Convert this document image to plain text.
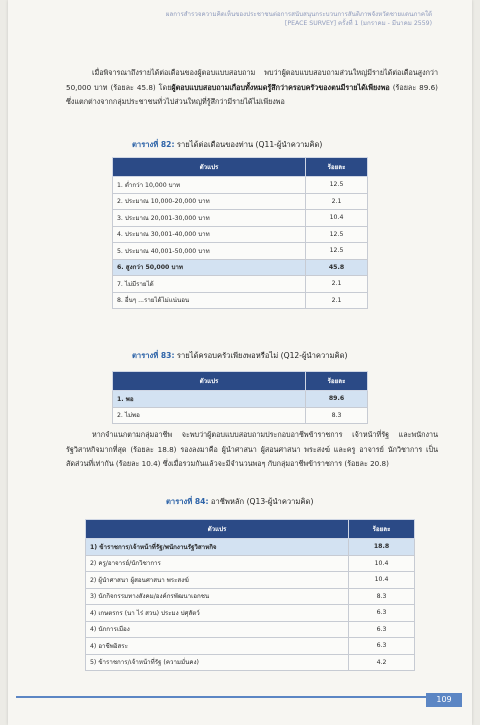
ผลการสำรวจความคิดเห็นของประชาชนต่อการสนับสนุนกระบวนการสันติภาพจังหวัดชายแดนภาคใต้
[PEACE SURVEY] ครั้งที่ 1 (มกราคม - มีนาคม 2559)
เมื่อพิจารณาถึงรายได้ต่อเดือนของผู้ตอบแบบสอบถาม พบว่าผู้ตอบแบบสอบถามส่วนใหญ่มีรายได้ต่อเดือนสูงกว่า 50,000 บาท (ร้อยละ 45.8) โดยผู้ตอบแบบสอบถามเกือบทั้งหมดรู้สึกว่าครอบครัวของตนมีรายได้เพียงพอ (ร้อยละ 89.6) ซึ่งแตกต่างจากกลุ่มประชาชนทั่วไปส่วนใหญ่ที่รู้สึกว่ามีรายได้ไม่เพียงพอ
ตารางที่ 82: รายได้ต่อเดือนของท่าน (Q11-ผู้นำความคิด)
ตัวแปร	ร้อยละ
1. ต่ำกว่า 10,000 บาท	12.5
2. ประมาณ 10,000-20,000 บาท	2.1
3. ประมาณ 20,001-30,000 บาท	10.4
4. ประมาณ 30,001-40,000 บาท	12.5
5. ประมาณ 40,001-50,000 บาท	12.5
6. สูงกว่า 50,000 บาท	45.8
7. ไม่มีรายได้	2.1
8. อื่นๆ ...รายได้ไม่แน่นอน	2.1
ตารางที่ 83: รายได้ครอบครัวเพียงพอหรือไม่ (Q12-ผู้นำความคิด)
ตัวแปร	ร้อยละ
1. พอ	89.6
2. ไม่พอ	8.3
หากจำแนกตามกลุ่มอาชีพ จะพบว่าผู้ตอบแบบสอบถามประกอบอาชีพข้าราชการ เจ้าหน้าที่รัฐ และพนักงานรัฐวิสาหกิจมากที่สุด (ร้อยละ 18.8) รองลงมาคือ ผู้นำศาสนา ผู้สอนศาสนา พระสงฆ์ และครู อาจารย์ นักวิชาการ เป็นสัดส่วนที่เท่ากัน (ร้อยละ 10.4) ซึ่งเมื่อรวมกันแล้วจะมีจำนวนพอๆ กับกลุ่มอาชีพข้าราชการ (ร้อยละ 20.8)
ตารางที่ 84: อาชีพหลัก (Q13-ผู้นำความคิด)
ตัวแปร	ร้อยละ
1) ข้าราชการ/เจ้าหน้าที่รัฐ/พนักงานรัฐวิสาหกิจ	18.8
2) ครู/อาจารย์/นักวิชาการ	10.4
2) ผู้นำศาสนา ผู้สอนศาสนา พระสงฆ์	10.4
3) นักกิจกรรมทางสังคม/องค์กรพัฒนาเอกชน	8.3
4) เกษตรกร (นา ไร่ สวน) ประมง ปศุสัตว์	6.3
4) นักการเมือง	6.3
4) อาชีพอิสระ	6.3
5) ข้าราชการ/เจ้าหน้าที่รัฐ (ความมั่นคง)	4.2
109
